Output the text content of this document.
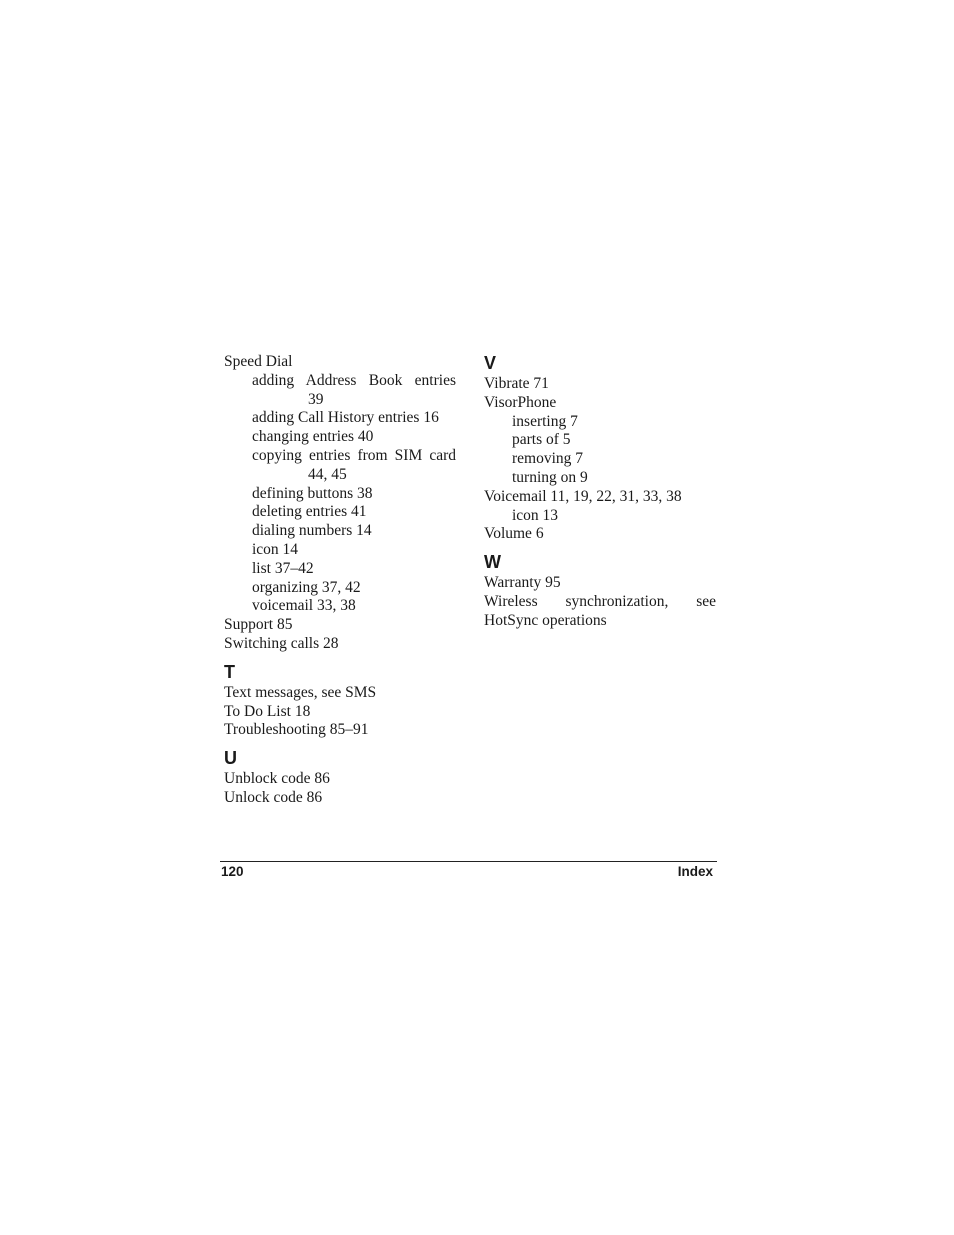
Speed Dial

adding Address Book entries

39

adding Call History entries 16

changing entries 40

copying entries from SIM card

44, 45

defining buttons 38

deleting entries 41

dialing numbers 14

icon 14

list 37–42

organizing 37, 42

voicemail 33, 38

Support 85

Switching calls 28

T

Text messages, see SMS

To Do List 18

Troubleshooting 85–91

U

Unblock code 86

Unlock code 86

V

Vibrate 71

VisorPhone

inserting 7

parts of 5

removing 7

turning on 9

Voicemail 11, 19, 22, 31, 33, 38

icon 13

Volume 6

W

Warranty 95

Wireless synchronization, see

HotSync operations

120	Index
